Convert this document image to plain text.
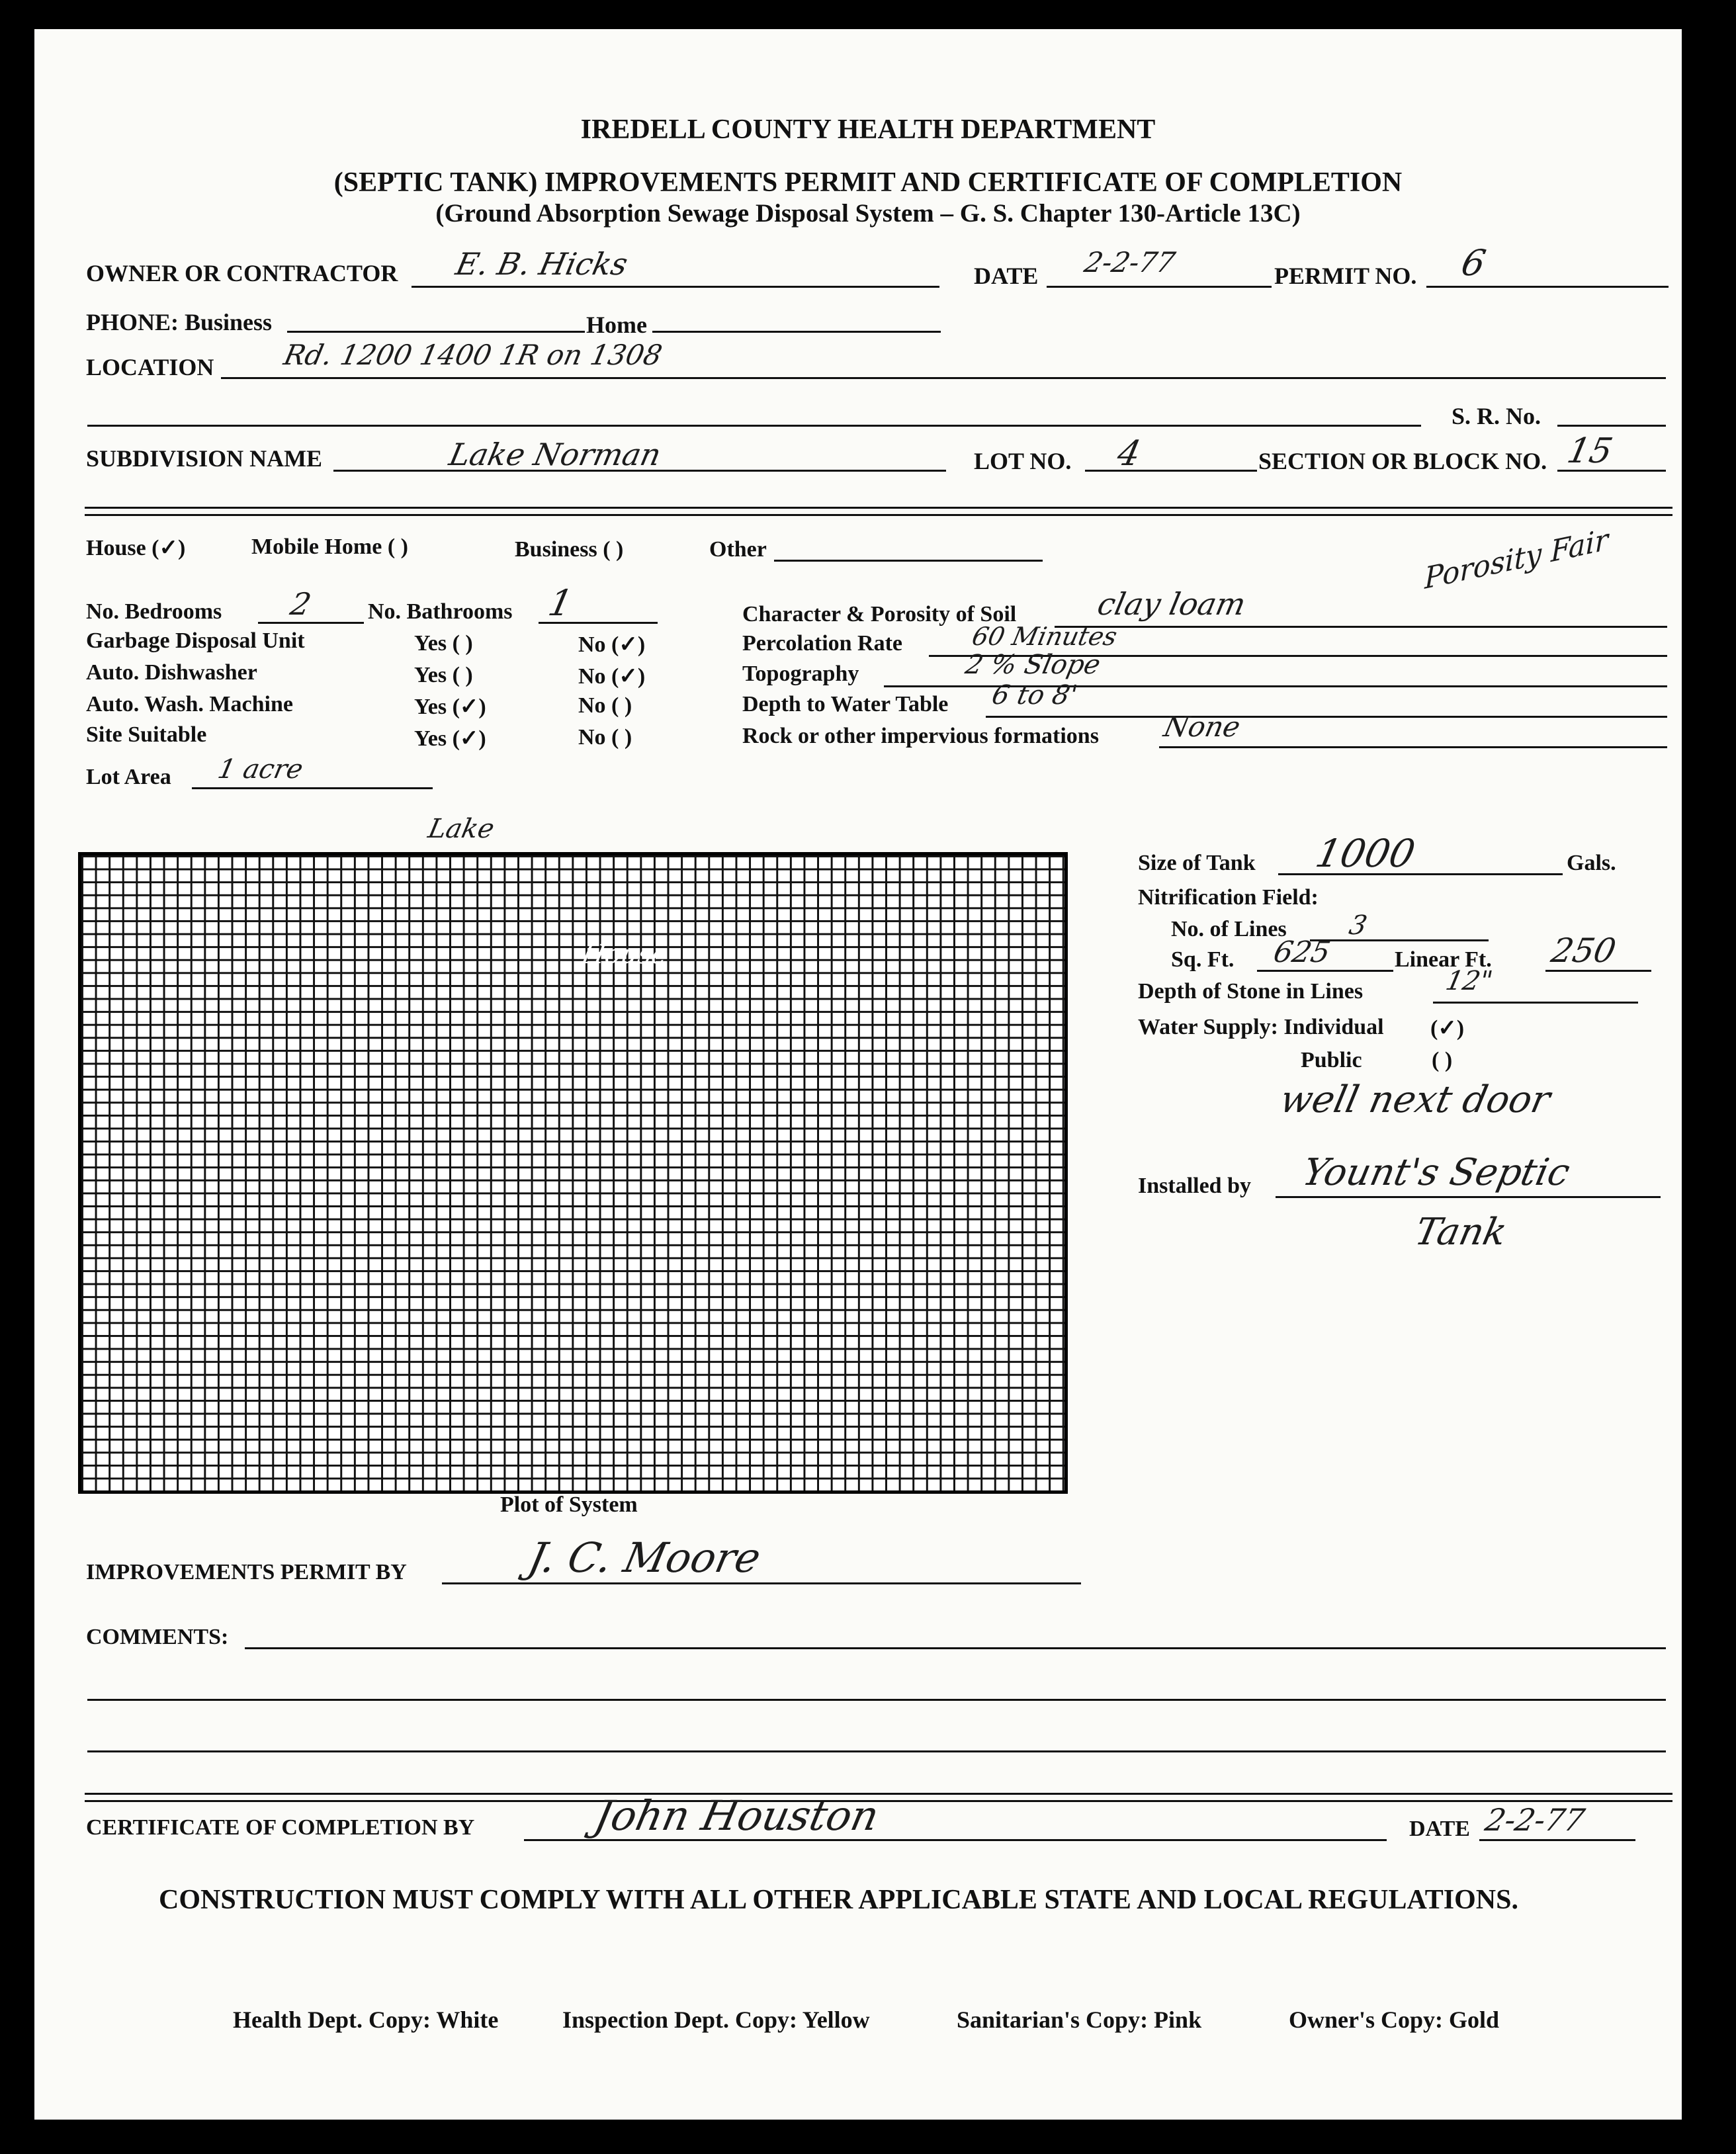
IREDELL COUNTY HEALTH DEPARTMENT
(SEPTIC TANK) IMPROVEMENTS PERMIT AND CERTIFICATE OF COMPLETION
(Ground Absorption Sewage Disposal System – G. S. Chapter 130-Article 13C)
OWNER OR CONTRACTOR E. B. Hicks	DATE 2-2-77	PERMIT NO. 6
PHONE: Business	Home
LOCATION Rd. 1200 1400 1R on 1308
S. R. No.
SUBDIVISION NAME	Lake Norman	LOT NO. 4	SECTION OR BLOCK NO. 15
House (✓)	Mobile Home ( )	Business ( )	Other
No. Bedrooms 2 No. Bathrooms 1
Garbage Disposal Unit	Yes ( )	No (✓)
Auto. Dishwasher	Yes ( )	No (✓)
Auto. Wash. Machine	Yes (✓)	No ( )
Site Suitable	Yes (✓)	No ( )
Lot Area 1 acre
Porosity Fair
Character & Porosity of Soil	clay loam
Percolation Rate	60 Minutes
Topography	2 % Slope
Depth to Water Table 6 to 8'
Rock or other impervious formations None
Lake
House
Plot of System
Size of Tank 1000	Gals.
Nitrification Field:
No. of Lines 3
Sq. Ft. 625	Linear Ft. 250
Depth of Stone in Lines	12"
Water Supply: Individual (✓)
Public	( )
well next door
Installed by Yount's Septic
Tank
IMPROVEMENTS PERMIT BY	J. C. Moore
COMMENTS:
CERTIFICATE OF COMPLETION BY	John Houston	DATE 2-2-77
CONSTRUCTION MUST COMPLY WITH ALL OTHER APPLICABLE STATE AND LOCAL REGULATIONS.
Health Dept. Copy: White	Inspection Dept. Copy: Yellow	Sanitarian's Copy: Pink	Owner's Copy: Gold
